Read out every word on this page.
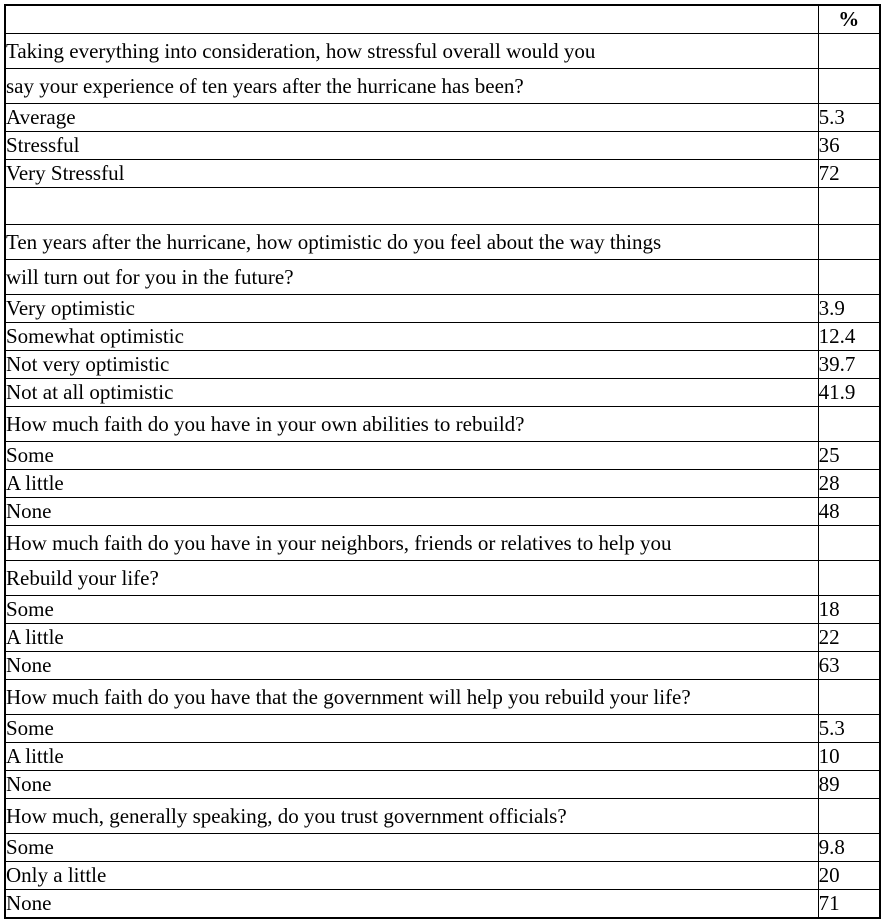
	%
Taking everything into consideration, how stressful overall would you	
say your experience of ten years after the hurricane has been?	
Average	5.3
Stressful	36
Very Stressful	72

Ten years after the hurricane, how optimistic do you feel about the way things	
will turn out for you in the future?	
Very optimistic	3.9
Somewhat optimistic	12.4
Not very optimistic	39.7
Not at all optimistic	41.9
How much faith do you have in your own abilities to rebuild?	
Some	25
A little	28
None	48
How much faith do you have in your neighbors, friends or relatives to help you	
Rebuild your life?	
Some	18
A little	22
None	63
How much faith do you have that the government will help you rebuild your life?	
Some	5.3
A little	10
None	89
How much, generally speaking, do you trust government officials?	
Some	9.8
Only a little	20
None	71
